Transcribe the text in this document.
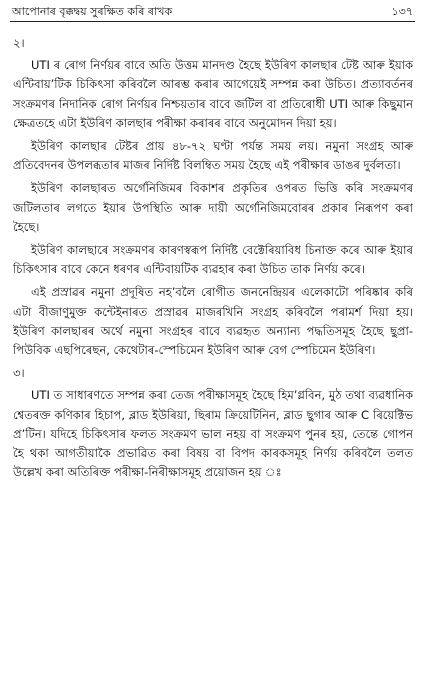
আপোনাৰ বৃক্কদ্বয় সুৰক্ষিত কৰি ৰাখক	১৩৭

২।

UTI ৰ ৰোগ নিৰ্ণয়ৰ বাবে অতি উত্তম মানদণ্ড হৈছে ইউৰিণ কালছাৰ টেষ্ট আৰু ইয়াক এন্টিবায়’টিক চিকিৎসা কৰিবলৈ আৰম্ভ কৰাৰ আগেয়েই সম্পন্ন কৰা উচিত। প্ৰত্যাবৰ্তনৰ সংক্ৰমণৰ নিদানিক ৰোগ নিৰ্ণয়ৰ নিশ্চয়তাৰ বাবে জটিল বা প্ৰতিৰোধী UTI আৰু কিছুমান ক্ষেত্ৰতহে এটা ইউৰিণ কালছাৰ পৰীক্ষা কৰাৰৰ বাবে অনুমোদন দিয়া হয়।

ইউৰিণ কালছাৰ টেষ্টৰ প্ৰায় ৪৮-৭২ ঘণ্টা পৰ্যন্ত সময় লয়। নমুনা সংগ্ৰহ আৰু প্ৰতিবেদনৰ উপলব্ধতাৰ মাজৰ নিৰ্দিষ্ট বিলম্বিত সময় হৈছে এই পৰীক্ষাৰ ডাঙৰ দুৰ্বলতা।

ইউৰিণ কালছাৰত অৰ্গেনিজিমৰ বিকাশৰ প্ৰকৃতিৰ ওপৰত ভিত্তি কৰি সংক্ৰমণৰ জটিলতাৰ লগতে ইয়াৰ উপস্থিতি আৰু দায়ী অৰ্গেনিজিমবোৰৰ প্ৰকাৰ নিৰূপণ কৰা হৈছে।

ইউৰিণ কালছাৰে সংক্ৰমণৰ কাৰণস্বৰূপ নিৰ্দিষ্ট বেক্টেৰিয়াবিধ চিনাক্ত কৰে আৰু ইয়াৰ চিকিৎসাৰ বাবে কেনে ধৰণৰ এন্টিবায়টিক ব্যৱহাৰ কৰা উচিত তাক নিৰ্ণয় কৰে।

এই প্ৰস্ৰাৱৰ নমুনা প্ৰদূষিত নহ’বলৈ ৰোগীত জননেন্দ্ৰিয়ৰ এলেকাটো পৰিষ্কাৰ কৰি এটা বীজাণুমুক্ত কন্টেইনাৰত প্ৰস্ৰাৱৰ মাজৰখিনি সংগ্ৰহ কৰিবলৈ পৰামৰ্শ দিয়া হয়। ইউৰিণ কালছাৰৰ অৰ্থে নমুনা সংগ্ৰহৰ বাবে ব্যৱহৃত অন্যান্য পদ্ধতিসমূহ হৈছে ছুপ্ৰা-পিউবিক এছপিৰেছন, কেথেটাৰ-স্পেচিমেন ইউৰিণ আৰু বেগ স্পেচিমেন ইউৰিণ।

৩।

UTI ত সাধাৰণতে সম্পন্ন কৰা তেজ পৰীক্ষাসমূহ হৈছে হিম’গ্লবিন, মুঠ তথা ব্যৱধানিক শ্বেতৰক্ত কণিকাৰ হিচাপ, ব্লাড ইউৰিয়া, ছিৰাম ক্ৰিয়েটিনিন, ব্লাড ছুগাৰ আৰু C ৰিয়েক্টিভ প্ৰ’টিন। যদিহে চিকিৎসাৰ ফলত সংক্ৰমণ ভাল নহয় বা সংক্ৰমণ পুনৰ হয়, তেন্তে গোপন হৈ থকা আগতীয়াকৈ প্ৰভাৱিত কৰা বিষয় বা বিপদ কাৰকসমূহ নিৰ্ণয় কৰিবলৈ তলত উল্লেখ কৰা অতিৰিক্ত পৰীক্ষা-নিৰীক্ষাসমূহ প্ৰয়োজন হয় ঃ
